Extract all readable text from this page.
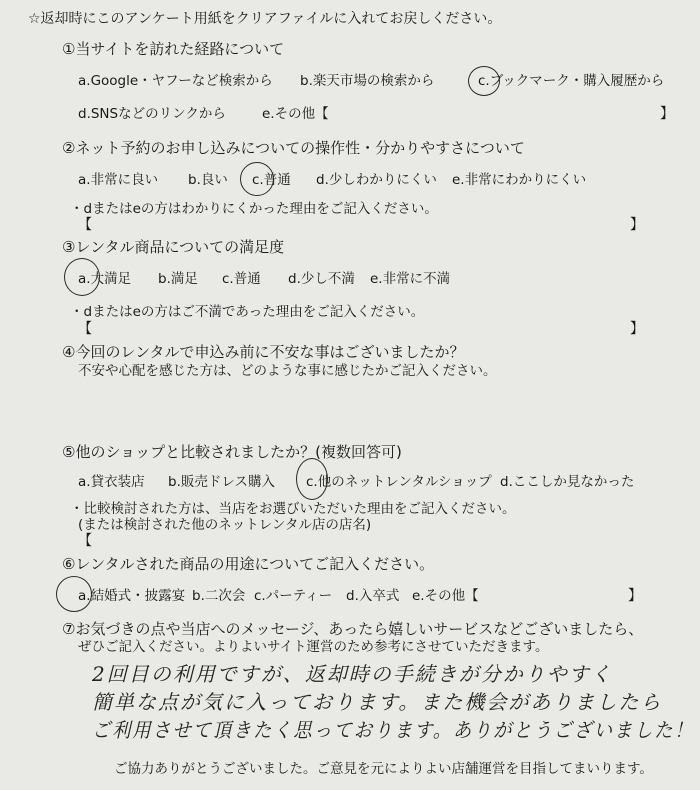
☆返却時にこのアンケート用紙をクリアファイルに入れてお戻しください。
①当サイトを訪れた経路について
a.Google・ヤフーなど検索から b.楽天市場の検索から	c.ブックマーク・購入履歴から
d.SNSなどのリンクから	e.その他【	】
②ネット予約のお申し込みについての操作性・分かりやすさについて
a.非常に良い b.良い c.普通 d.少しわかりにくい e.非常にわかりにくい
・dまたはeの方はわかりにくかった理由をご記入ください。
【	】
③レンタル商品についての満足度
a.大満足 b.満足 c.普通 d.少し不満 e.非常に不満
・dまたはeの方はご不満であった理由をご記入ください。
【	】
④今回のレンタルで申込み前に不安な事はございましたか？
不安や心配を感じた方は、どのような事に感じたかご記入ください。
⑤他のショップと比較されましたか？(複数回答可)
a.貸衣装店 b.販売ドレス購入 c.他のネットレンタルショップ d.ここしか見なかった
・比較検討された方は、当店をお選びいただいた理由をご記入ください。
(または検討された他のネットレンタル店の店名)
【
⑥レンタルされた商品の用途についてご記入ください。
a.結婚式・披露宴 b.二次会 c.パーティー d.入卒式 e.その他【	】
⑦お気づきの点や当店へのメッセージ、あったら嬉しいサービスなどございましたら、
ぜひご記入ください。よりよいサイト運営のため参考にさせていただきます。
2回目の利用ですが、返却時の手続きが分かりやすく
簡単な点が気に入っております。また機会がありましたら
ご利用させて頂きたく思っております。ありがとうございました！
ご協力ありがとうございました。ご意見を元によりよい店舗運営を目指してまいります。
